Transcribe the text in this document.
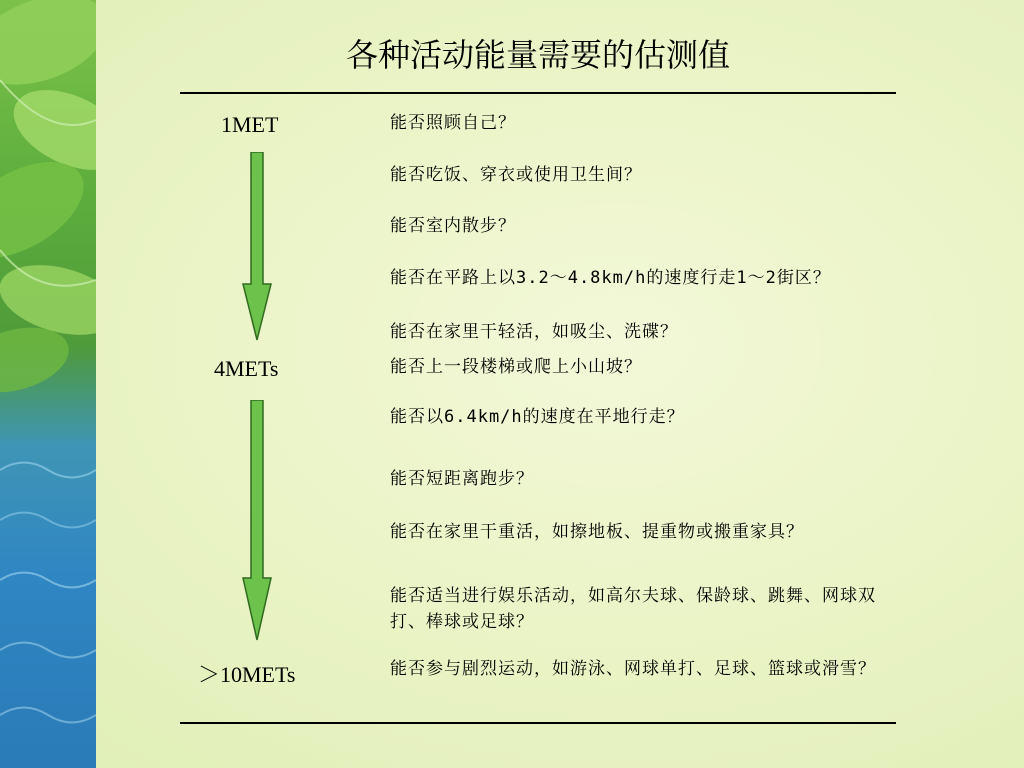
各种活动能量需要的估测值
1MET
4METs
＞10METs
能否照顾自己？
能否吃饭、穿衣或使用卫生间？
能否室内散步？
能否在平路上以3.2～4.8km/h的速度行走1～2街区？
能否在家里干轻活，如吸尘、洗碟？
能否上一段楼梯或爬上小山坡？
能否以6.4km/h的速度在平地行走？
能否短距离跑步？
能否在家里干重活，如擦地板、提重物或搬重家具？
能否适当进行娱乐活动，如高尔夫球、保龄球、跳舞、网球双打、棒球或足球？
能否参与剧烈运动，如游泳、网球单打、足球、篮球或滑雪？
